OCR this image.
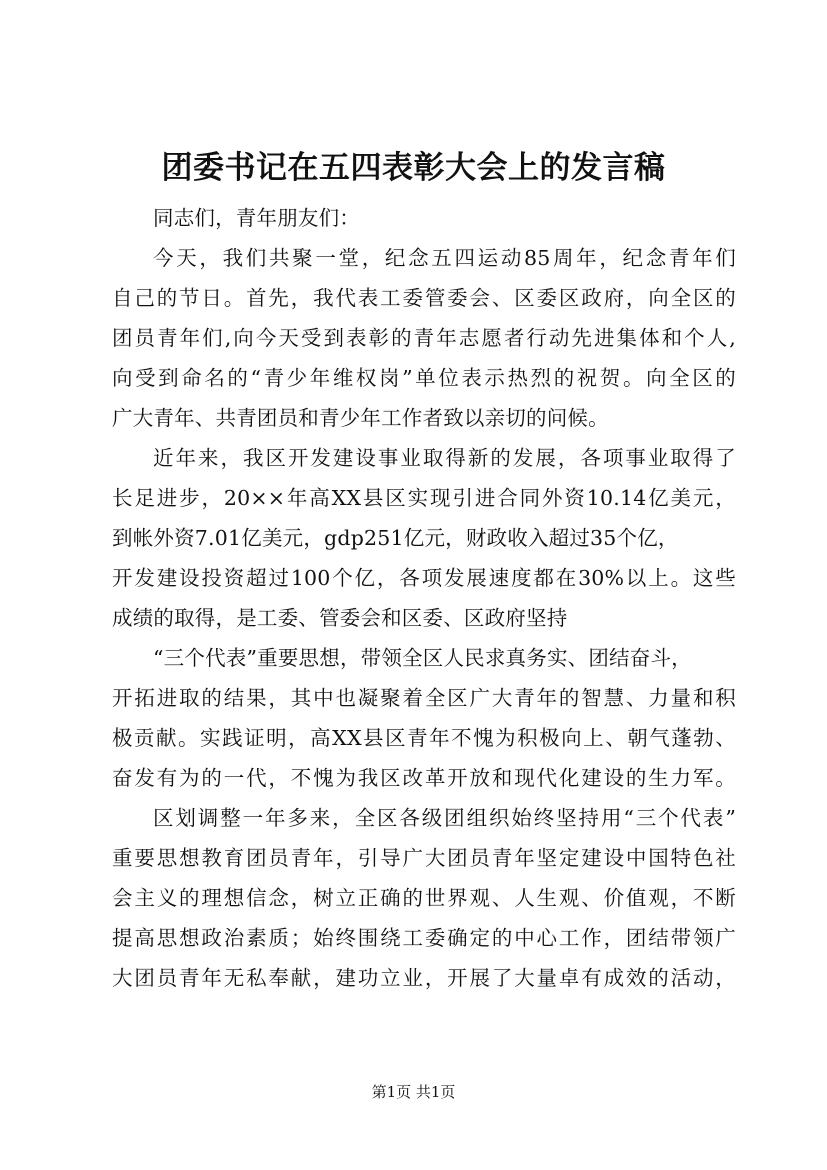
团委书记在五四表彰大会上的发言稿
同志们，青年朋友们：
今天，我们共聚一堂，纪念五四运动85周年，纪念青年们
自己的节日。首先，我代表工委管委会、区委区政府，向全区的
团员青年们,向今天受到表彰的青年志愿者行动先进集体和个人,
向受到命名的“青少年维权岗”单位表示热烈的祝贺。向全区的
广大青年、共青团员和青少年工作者致以亲切的问候。
近年来，我区开发建设事业取得新的发展，各项事业取得了
长足进步，20××年高XX县区实现引进合同外资10.14亿美元，
到帐外资7.01亿美元，gdp251亿元，财政收入超过35个亿，
开发建设投资超过100个亿，各项发展速度都在30%以上。这些
成绩的取得，是工委、管委会和区委、区政府坚持
“三个代表”重要思想，带领全区人民求真务实、团结奋斗，
开拓进取的结果，其中也凝聚着全区广大青年的智慧、力量和积
极贡献。实践证明，高XX县区青年不愧为积极向上、朝气蓬勃、
奋发有为的一代，不愧为我区改革开放和现代化建设的生力军。
区划调整一年多来，全区各级团组织始终坚持用“三个代表”
重要思想教育团员青年，引导广大团员青年坚定建设中国特色社
会主义的理想信念，树立正确的世界观、人生观、价值观，不断
提高思想政治素质；始终围绕工委确定的中心工作，团结带领广
大团员青年无私奉献，建功立业，开展了大量卓有成效的活动，
第1页 共1页
